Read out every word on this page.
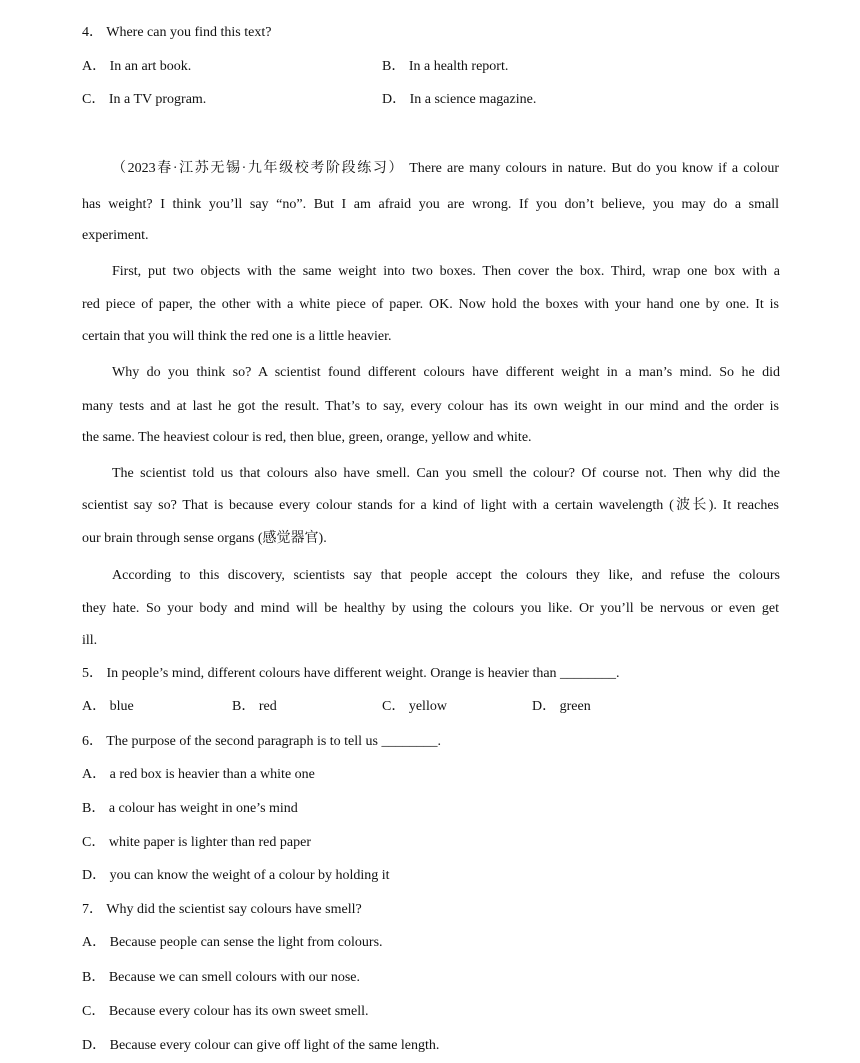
4． Where can you find this text?
A． In an art book.	B． In a health report.
C． In a TV program.	D． In a science magazine.
（2023春·江苏无锡·九年级校考阶段练习） There are many colours in nature. But do you know if a colour
has weight? I think you’ll say “no”. But I am afraid you are wrong. If you don’t believe, you may do a small
experiment.
First, put two objects with the same weight into two boxes. Then cover the box. Third, wrap one box with a
red piece of paper, the other with a white piece of paper. OK. Now hold the boxes with your hand one by one. It is
certain that you will think the red one is a little heavier.
Why do you think so? A scientist found different colours have different weight in a man’s mind. So he did
many tests and at last he got the result. That’s to say, every colour has its own weight in our mind and the order is
the same. The heaviest colour is red, then blue, green, orange, yellow and white.
The scientist told us that colours also have smell. Can you smell the colour? Of course not. Then why did the
scientist say so? That is because every colour stands for a kind of light with a certain wavelength (波长). It reaches
our brain through sense organs (感觉器官).
According to this discovery, scientists say that people accept the colours they like, and refuse the colours
they hate. So your body and mind will be healthy by using the colours you like. Or you’ll be nervous or even get
ill.
5． In people’s mind, different colours have different weight. Orange is heavier than ________.
A． blue	B． red	C． yellow	D． green
6． The purpose of the second paragraph is to tell us ________.
A． a red box is heavier than a white one
B． a colour has weight in one’s mind
C． white paper is lighter than red paper
D． you can know the weight of a colour by holding it
7． Why did the scientist say colours have smell?
A． Because people can sense the light from colours.
B． Because we can smell colours with our nose.
C． Because every colour has its own sweet smell.
D． Because every colour can give off light of the same length.
